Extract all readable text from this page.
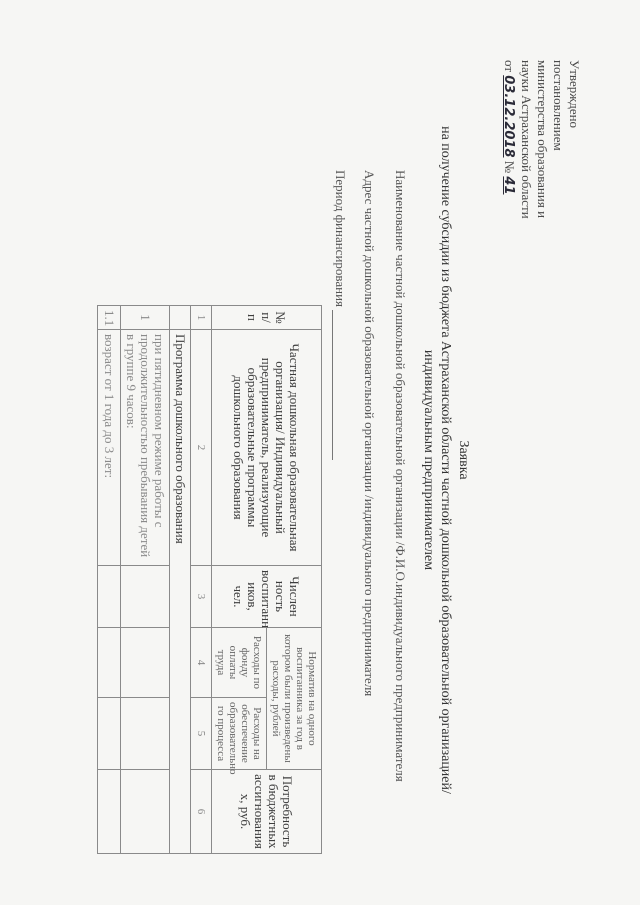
Утверждено
постановлением
министерства образования и
науки Астраханской области
от 03.12.2018 № 41
Заявка
на получение субсидии из бюджета Астраханской области частной дошкольной образовательной организацией/
индивидуальным предпринимателем
Наименование частной дошкольной образовательной организации /Ф.И.О.индивидуального предпринимателя
Адрес частной дошкольной образовательной организации /индивидуального предпринимателя
Период финансирования
№ п/п	Частная дошкольная образовательная организация/ Индивидуальный предприниматель, реализующие образовательные программы дошкольного образования	Числен ность воспитанн иков, чел.	Норматив на одного воспитанника за год в котором были произведены расходы, рублей		Потребность в бюджетных ассигнования х, руб.
			Расходы по фонду оплаты труда	Расходы на обеспечение образовательно го процесса	
1	2	3	4	5	6
	Программа дошкольного образования				
1	при пятидневном режиме работы с продолжительностью пребывания детей в группе 9 часов:				
1.1	возраст от 1 года до 3 лет:				
